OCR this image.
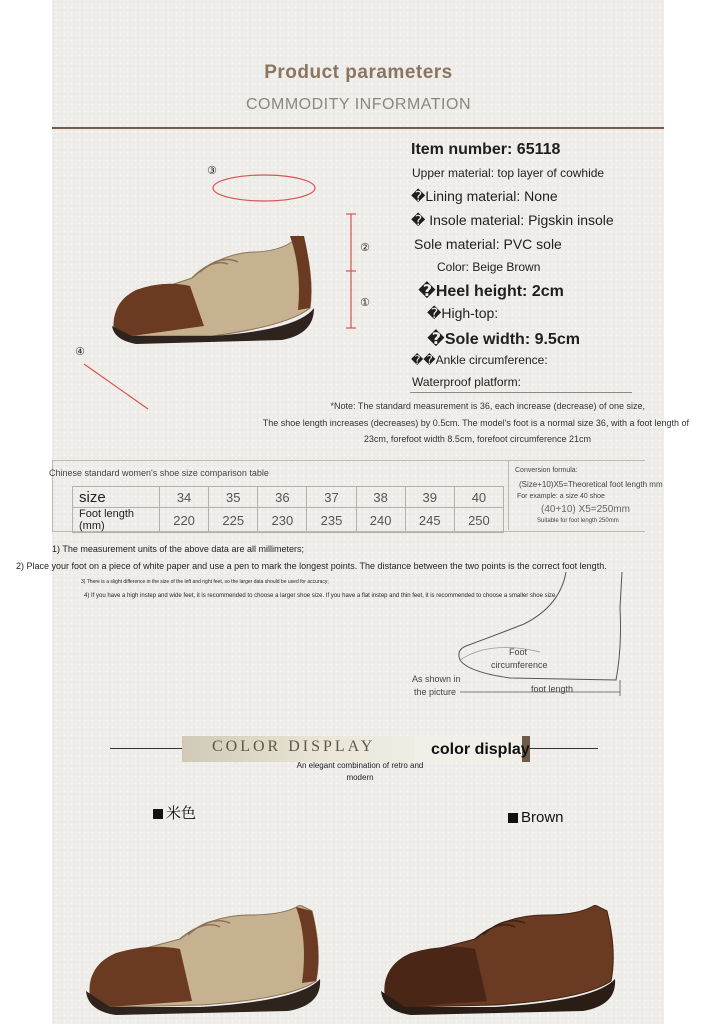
Product parameters
COMMODITY INFORMATION
③
②
①
④
Item number: 65118
Upper material: top layer of cowhide
�Lining material: None
� Insole material: Pigskin insole
Sole material: PVC sole
Color: Beige Brown
�Heel height: 2cm
�High-top:
�Sole width: 9.5cm
��Ankle circumference:
Waterproof platform:
*Note: The standard measurement is 36, each increase (decrease) of one size,
The shoe length increases (decreases) by 0.5cm. The model's foot is a normal size 36, with a foot length of
23cm, forefoot width 8.5cm, forefoot circumference 21cm
Chinese standard women's shoe size comparison table
size	34	35	36	37	38	39	40
Foot length (mm)	220	225	230	235	240	245	250
Conversion formula:
(Size+10)X5=Theoretical foot length mm
For example: a size 40 shoe
(40+10) X5=250mm
Suitable for foot length 250mm
1) The measurement units of the above data are all millimeters;
2) Place your foot on a piece of white paper and use a pen to mark the longest points. The distance between the two points is the correct foot length.
3) There is a slight difference in the size of the left and right feet, so the larger data should be used for accuracy;
4) If you have a high instep and wide feet, it is recommended to choose a larger shoe size. If you have a flat instep and thin feet, it is recommended to choose a smaller shoe size.
Foot
circumference
foot length
As shown in
the picture
COLOR DISPLAY	color display
An elegant combination of retro and modern
米色	Brown
